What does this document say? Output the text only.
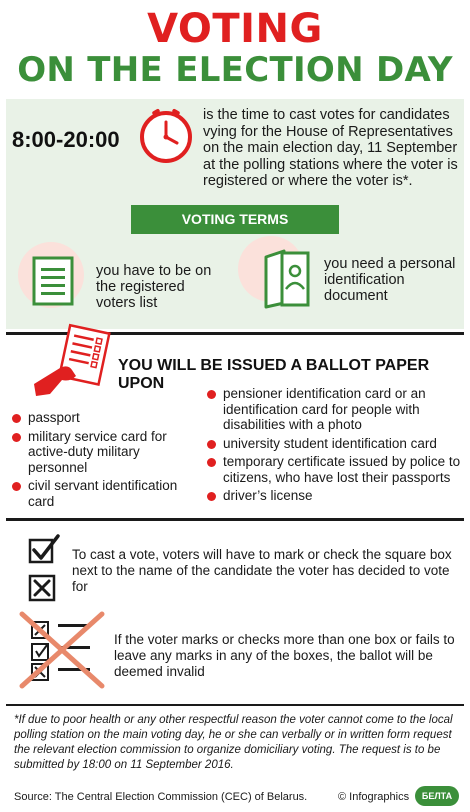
VOTING
ON THE ELECTION DAY
8:00-20:00
is the time to cast votes for candidates vying for the House of Representatives on the main election day, 11 September at the polling stations where the voter is registered or where the voter is*.
VOTING TERMS
you have to be on the registered voters list
you need a personal identification document
YOU WILL BE ISSUED A BALLOT PAPER UPON
passport
military service card for active-duty military personnel
civil servant identification card
pensioner identification card or an identification card for people with disabilities with a photo
university student identification card
temporary certificate issued by police to citizens, who have lost their passports
driver’s license
To cast a vote, voters will have to mark or check the square box next to the name of the candidate the voter has decided to vote for
If the voter marks or checks more than one box or fails to leave any marks in any of the boxes, the ballot will be deemed invalid
*If due to poor health or any other respectful reason the voter cannot come to the local polling station on the main voting day, he or she can verbally or in written form request the relevant election commission to organize domiciliary voting. The request is to be submitted by 18:00 on 11 September 2016.
Source: The Central Election Commission (CEC) of Belarus.	© Infographics	БЕЛТА
